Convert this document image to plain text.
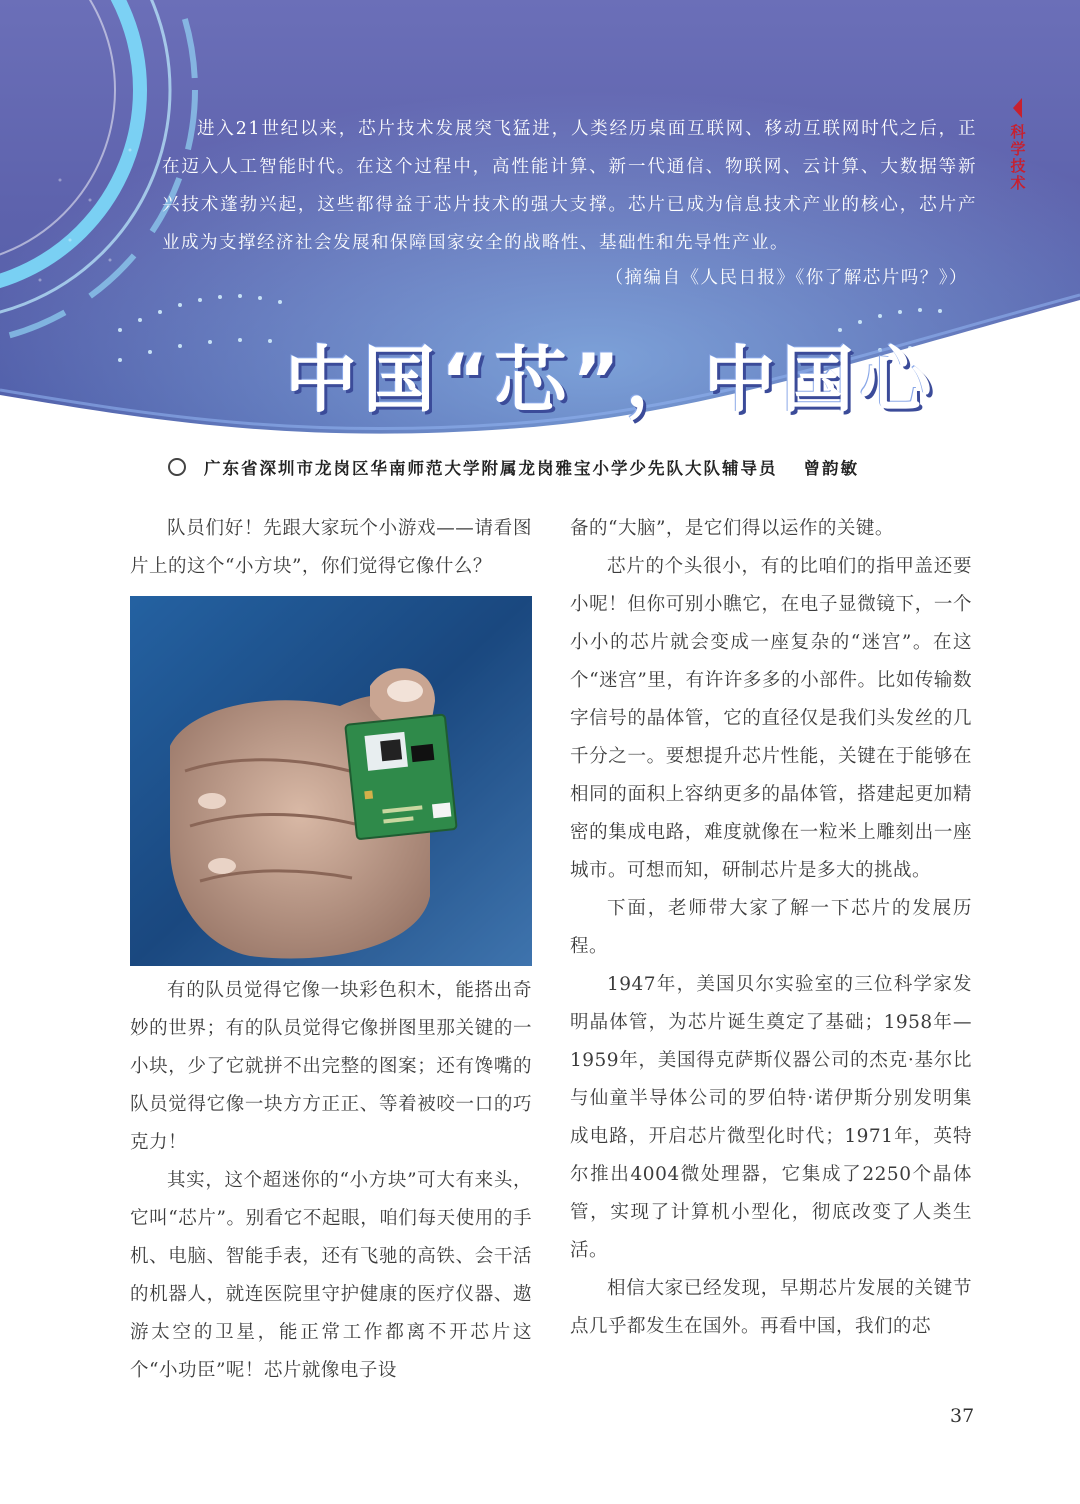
科学技术

进入21世纪以来，芯片技术发展突飞猛进，人类经历桌面互联网、移动互联网时代之后，正在迈入人工智能时代。在这个过程中，高性能计算、新一代通信、物联网、云计算、大数据等新兴技术蓬勃兴起，这些都得益于芯片技术的强大支撑。芯片已成为信息技术产业的核心，芯片产业成为支撑经济社会发展和保障国家安全的战略性、基础性和先导性产业。

（摘编自《人民日报》《你了解芯片吗？》）
中国“芯”，中国心
广东省深圳市龙岗区华南师范大学附属龙岗雅宝小学少先队大队辅导员 曾韵敏

队员们好！先跟大家玩个小游戏——请看图片上的这个“小方块”，你们觉得它像什么？

有的队员觉得它像一块彩色积木，能搭出奇妙的世界；有的队员觉得它像拼图里那关键的一小块，少了它就拼不出完整的图案；还有馋嘴的队员觉得它像一块方方正正、等着被咬一口的巧克力！

其实，这个超迷你的“小方块”可大有来头，它叫“芯片”。别看它不起眼，咱们每天使用的手机、电脑、智能手表，还有飞驰的高铁、会干活的机器人，就连医院里守护健康的医疗仪器、遨游太空的卫星，能正常工作都离不开芯片这个“小功臣”呢！芯片就像电子设

备的“大脑”，是它们得以运作的关键。

芯片的个头很小，有的比咱们的指甲盖还要小呢！但你可别小瞧它，在电子显微镜下，一个小小的芯片就会变成一座复杂的“迷宫”。在这个“迷宫”里，有许许多多的小部件。比如传输数字信号的晶体管，它的直径仅是我们头发丝的几千分之一。要想提升芯片性能，关键在于能够在相同的面积上容纳更多的晶体管，搭建起更加精密的集成电路，难度就像在一粒米上雕刻出一座城市。可想而知，研制芯片是多大的挑战。

下面，老师带大家了解一下芯片的发展历程。

1947年，美国贝尔实验室的三位科学家发明晶体管，为芯片诞生奠定了基础；1958年—1959年，美国得克萨斯仪器公司的杰克·基尔比与仙童半导体公司的罗伯特·诺伊斯分别发明集成电路，开启芯片微型化时代；1971年，英特尔推出4004微处理器，它集成了2250个晶体管，实现了计算机小型化，彻底改变了人类生活。

相信大家已经发现，早期芯片发展的关键节点几乎都发生在国外。再看中国，我们的芯

37
